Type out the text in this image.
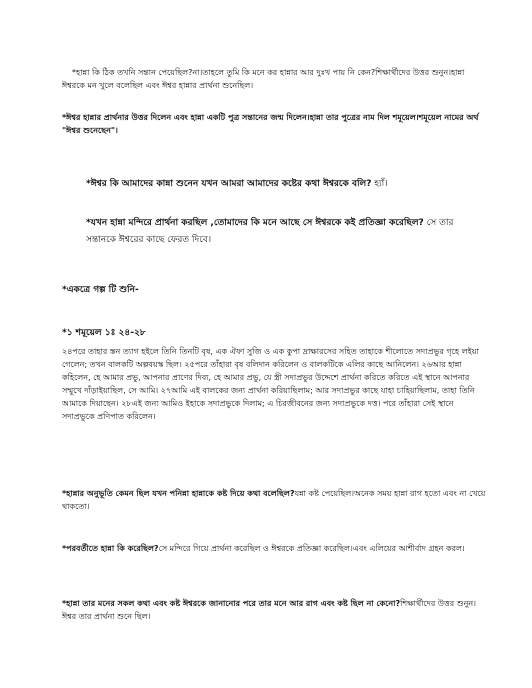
*হান্না কি ঠিক তখনি সন্তান পেয়েছিল?না।তাহলে তুমি কি মনে কর হান্নার আর দুঃখ পায় নি কেন?শিক্ষার্থীদের উত্তর শুনুন।হান্না ঈশ্বরকে মন খুলে বলেছিল এবং ঈশ্বর হান্নার প্রার্থনা শুনেছিল।

*ঈশ্বর হান্নার প্রার্থনার উত্তর দিলেন এবং হান্না একটি পুত্র সন্তানের জন্ম দিলেন।হান্না তার পুত্রের নাম দিল শমূয়েল।শমূয়েল নামের অর্থ "ঈশ্বর শুনেছেন"।

*ঈশ্বর কি আমাদের কান্না শুনেন যখন আমরা আমাদের কষ্টের কথা ঈশ্বরকে বলি? হ্যাঁ।

*যখন হান্না মন্দিরে প্রার্থনা করছিল ,তোমাদের কি মনে আছে সে ঈশ্বরকে কই প্রতিজ্ঞা করেছিল? সে তার সন্তানকে ঈশ্বরের কাছে ফেরত দিবে।

*একত্রে গল্প টি শুনি-

*১ শমূয়েল ১ঃ ২৪-২৮

২৪পরে তাহার স্তন ত্যাগ হইলে তিনি তিনটি বৃষ, এক ঐফা সুজি ও এক কুপা দ্রাক্ষারসের সহিত তাহাকে শীলোতে সদাপ্রভুর গৃহে লইয়া গেলেন; তখন বালকটি অল্পবয়স্ক ছিল। ২৫পরে তাঁহারা বৃষ বলিদান করিলেন ও বালকটিকে এলির কাছে আনিলেন। ২৬আর হান্না কহিলেন, হে আমার প্রভু, আপনার প্রাণের দিব্য, হে আমার প্রভু, যে স্ত্রী সদাপ্রভুর উদ্দেশে প্রার্থনা করিতে করিতে এই স্থানে আপনার সম্মুখে দাঁড়াইয়াছিল, সে আমি। ২৭আমি এই বালকের জন্য প্রার্থনা করিয়াছিলাম; আর সদাপ্রভুর কাছে যাহা চাহিয়াছিলাম, তাহা তিনি আমাকে দিয়াছেন। ২৮এই জন্য আমিও ইহাকে সদাপ্রভুকে দিলাম; এ চিরজীবনের জন্য সদাপ্রভুকে দত্ত। পরে তাঁহারা সেই স্থানে সদাপ্রভুকে প্রণিপাত করিলেন।

*হান্নার অনুভূতি কেমন ছিল যখন পনিন্না হান্নাকে কষ্ট দিয়ে কথা বলেছিল?যন্না কষ্ট পেয়েছিল।অনেক সময় হান্না রাগ হতো এবং না খেয়ে থাকতো।

*পরবর্তীতে হান্না কি করেছিল?সে মন্দিরে গিয়ে প্রার্থনা করেছিল ও ঈশ্বরকে প্রতিজ্ঞা করেছিল।এবং এলিয়ের আশীর্বাদ গ্রহন করল।

*হান্না তার মনের সকল কথা এবং কষ্ট ঈশ্বরকে জানানোর পরে তার মনে আর রাগ এবং কষ্ট ছিল না কেনো?শিক্ষার্থীদের উত্তর শুনুন।ঈশ্বর তার প্রার্থনা শুনে ছিল।
